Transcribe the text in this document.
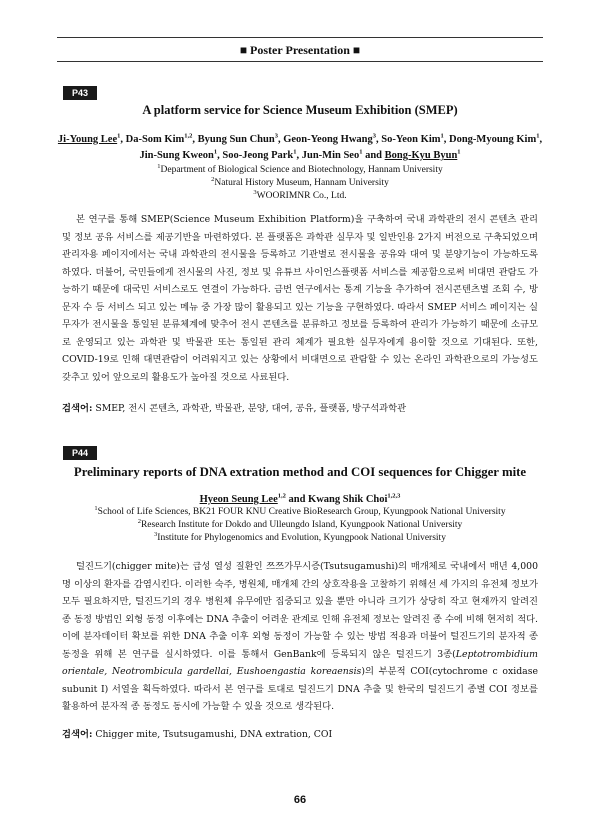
■ Poster Presentation ■
P43
A platform service for Science Museum Exhibition (SMEP)
Ji-Young Lee$^1$, Da-Som Kim$^{1,2}$, Byung Sun Chun$^3$, Geon-Yeong Hwang$^3$, So-Yeon Kim$^1$, Dong-Myoung Kim$^1$,
Jin-Sung Kweon$^1$, Soo-Jeong Park$^1$, Jun-Min Seo$^1$ and Bong-Kyu Byun$^1$
$^1$Department of Biological Science and Biotechnology, Hannam University
$^2$Natural History Museum, Hannam University
$^3$WOORIMNR Co., Ltd.
본 연구를 통해 SMEP(Science Museum Exhibition Platform)을 구축하여 국내 과학관의 전시 콘텐츠 관리 및 정보 공유 서비스를 제공기반을 마련하였다. 본 플랫폼은 과학관 실무자 및 일반인용 2가지 버전으로 구축되었으며 관리자용 페이지에서는 국내 과학관의 전시물을 등록하고 기관별로 전시물을 공유와 대여 및 분양기능이 가능하도록 하였다. 더불어, 국민들에게 전시물의 사진, 정보 및 유튜브 사이언스플랫폼 서비스를 제공함으로써 비대면 관람도 가능하기 때문에 대국민 서비스로도 연결이 가능하다. 금번 연구에서는 통계 기능을 추가하여 전시콘텐츠별 조회 수, 방문자 수 등 서비스 되고 있는 메뉴 중 가장 많이 활용되고 있는 기능을 구현하였다. 따라서 SMEP 서비스 페이지는 실무자가 전시물을 통일된 분류체계에 맞추어 전시 콘텐츠를 분류하고 정보를 등록하여 관리가 가능하기 때문에 소규모로 운영되고 있는 과학관 및 박물관 또는 통일된 관리 체계가 필요한 실무자에게 용이할 것으로 기대된다. 또한, COVID-19로 인해 대면관람이 어려워지고 있는 상황에서 비대면으로 관람할 수 있는 온라인 과학관으로의 가능성도 갖추고 있어 앞으로의 활용도가 높아질 것으로 사료된다.
검색어: SMEP, 전시 콘텐츠, 과학관, 박물관, 분양, 대여, 공유, 플랫폼, 방구석과학관
P44
Preliminary reports of DNA extration method and COI sequences for Chigger mite
Hyeon Seung Lee$^{1,2}$ and Kwang Shik Choi$^{1,2,3}$
$^1$School of Life Sciences, BK21 FOUR KNU Creative BioResearch Group, Kyungpook National University
$^2$Research Institute for Dokdo and Ulleungdo Island, Kyungpook National University
$^3$Institute for Phylogenomics and Evolution, Kyungpook National University
털진드기(chigger mite)는 급성 열성 질환인 쯔쯔가무시증(Tsutsugamushi)의 매개체로 국내에서 매년 4,000명 이상의 환자를 감염시킨다. 이러한 숙주, 병원체, 매개체 간의 상호작용을 고찰하기 위해선 세 가지의 유전체 정보가 모두 필요하지만, 털진드기의 경우 병원체 유무에만 집중되고 있을 뿐만 아니라 크기가 상당히 작고 현재까지 알려진 종 동정 방법인 외형 동정 이후에는 DNA 추출이 어려운 관계로 인해 유전체 정보는 알려진 종 수에 비해 현저히 적다. 이에 분자데이터 확보를 위한 DNA 추출 이후 외형 동정이 가능할 수 있는 방법 적용과 더불어 털진드기의 분자적 종 동정을 위해 본 연구를 실시하였다. 이를 통해서 GenBank에 등록되지 않은 털진드기 3종(Leptotrombidium orientale, Neotrombicula gardellai, Eushoengastia koreaensis)의 부분적 COI(cytochrome c oxidase subunit I) 서열을 획득하였다. 따라서 본 연구를 토대로 털진드기 DNA 추출 및 한국의 털진드기 종별 COI 정보를 활용하여 분자적 종 동정도 동시에 가능할 수 있을 것으로 생각된다.
검색어: Chigger mite, Tsutsugamushi, DNA extration, COI
66
